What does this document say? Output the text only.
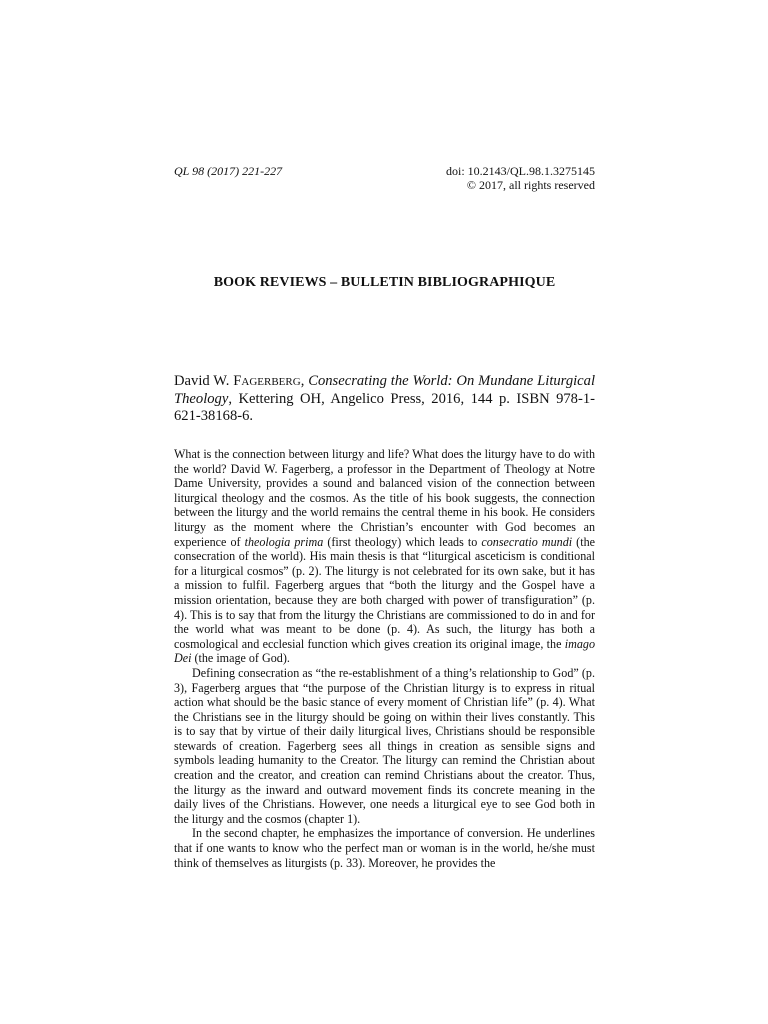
QL 98 (2017) 221-227	doi: 10.2143/QL.98.1.3275145
© 2017, all rights reserved
BOOK REVIEWS – BULLETIN BIBLIOGRAPHIQUE
David W. FAGERBERG, Consecrating the World: On Mundane Liturgical Theology, Kettering OH, Angelico Press, 2016, 144 p. ISBN 978-1-621-38168-6.

What is the connection between liturgy and life? What does the liturgy have to do with the world? David W. Fagerberg, a professor in the Department of Theology at Notre Dame University, provides a sound and balanced vision of the connection between liturgical theology and the cosmos. As the title of his book suggests, the connection between the liturgy and the world remains the central theme in his book. He considers liturgy as the moment where the Christian’s encounter with God becomes an experience of theologia prima (first theology) which leads to consecratio mundi (the consecration of the world). His main thesis is that “liturgical asceticism is conditional for a liturgical cosmos” (p. 2). The liturgy is not celebrated for its own sake, but it has a mission to fulfil. Fagerberg argues that “both the liturgy and the Gospel have a mission orientation, because they are both charged with power of transfiguration” (p. 4). This is to say that from the liturgy the Christians are commissioned to do in and for the world what was meant to be done (p. 4). As such, the liturgy has both a cosmological and ecclesial function which gives creation its original image, the imago Dei (the image of God).

Defining consecration as “the re-establishment of a thing’s relationship to God” (p. 3), Fagerberg argues that “the purpose of the Christian liturgy is to express in ritual action what should be the basic stance of every moment of Christian life” (p. 4). What the Christians see in the liturgy should be going on within their lives constantly. This is to say that by virtue of their daily liturgical lives, Christians should be responsible stewards of creation. Fagerberg sees all things in creation as sensible signs and symbols leading humanity to the Creator. The liturgy can remind the Christian about creation and the creator, and creation can remind Christians about the creator. Thus, the liturgy as the inward and outward movement finds its concrete meaning in the daily lives of the Christians. However, one needs a liturgical eye to see God both in the liturgy and the cosmos (chapter 1).

In the second chapter, he emphasizes the importance of conversion. He underlines that if one wants to know who the perfect man or woman is in the world, he/she must think of themselves as liturgists (p. 33). Moreover, he provides the
